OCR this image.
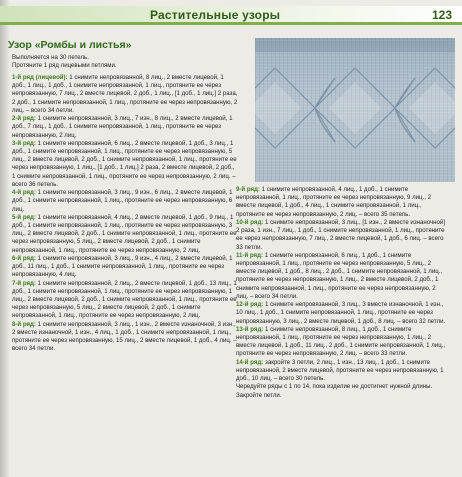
Растительные узоры	123
Узор «Ромбы и листья»
Выполняется на 30 петель.
Протяните 1 ряд лицевыми петлями.

1-й ряд (лицевой): 1 снимите непровязанной, 8 лиц., 2 вместе лицевой, 1 доб., 1 лиц., 1 доб., 1 снимите непровязанной, 1 лиц., протяните ее через непровязанную, 7 лиц., 2 вместе лицевой, 2 доб., 1 лиц., [1 доб., 1 лиц.] 2 раза, 2 доб., 1 снимите непровязанной, 1 лиц., протяните ее через непровязанную, 2 лиц. – всего 34 петли.

2-й ряд: 1 снимите непровязанной, 3 лиц., 7 изн., 8 лиц., 2 вместе лицевой, 1 доб., 7 лиц., 1 доб., 1 снимите непровязанной, 1 лиц., протяните ее через непровязанную, 2 лиц.

3-й ряд: 1 снимите непровязанной, 6 лиц., 2 вместе лицевой, 1 доб., 3 лиц., 1 доб., 1 снимите непровязанной, 1 лиц., протяните ее через непровязанную, 5 лиц., 2 вместе лицевой, 2 доб., 1 снимите непровязанной, 1 лиц., протяните ее через непровязанную, 1 лиц., [1 доб., 1 лиц.] 2 раза, 2 вместе лицевой, 2 доб., 1 снимите непровязанной, 1 лиц., протяните ее через непровязанную, 2 лиц. – всего 36 петель.

4-й ряд: 1 снимите непровязанной, 3 лиц., 9 изн., 6 лиц., 2 вместе лицевой, 1 доб., 1 снимите непровязанной, 1 лиц., протяните ее через непровязанную, 6 лиц.

5-й ряд: 1 снимите непровязанной, 4 лиц., 2 вместе лицевой, 1 доб., 9 лиц., 1 доб., 1 снимите непровязанной, 1 лиц., протяните ее через непровязанную, 3 лиц., 2 вместе лицевой, 2 доб., 1 снимите непровязанной, 1 лиц., протяните ее через непровязанную, 5 лиц., 2 вместе лицевой, 2 доб., 1 снимите непровязанной, 1 лиц., протяните ее через непровязанную, 2 лиц.

6-й ряд: 1 снимите непровязанной, 3 лиц., 9 изн., 4 лиц., 2 вместе лицевой, 1 доб., 11 лиц., 1 доб., 1 снимите непровязанной, 1 лиц., протяните ее через непровязанную, 4 лиц.

7-й ряд: 1 снимите непровязанной, 2 лиц., 2 вместе лицевой, 1 доб., 13 лиц., 1 доб., 1 снимите непровязанной, 1 лиц., протяните ее через непровязанную, 1 лиц., 2 вместе лицевой, 2 доб., 1 снимите непровязанной, 1 лиц., протяните ее через непровязанную, 5 лиц., 2 вместе лицевой, 2 доб., 1 снимите непровязанной, 1 лиц., протяните ее через непровязанную, 2 лиц.

8-й ряд: 1 снимите непровязанной, 3 лиц., 1 изн., 2 вместе изнаночной, 3 изн., 2 вместе изнаночной, 1 изн., 4 лиц., 1 доб., 1 снимите непровязанной, 1 лиц., протяните ее через непровязанную, 15 лиц., 2 вместе лицевой, 1 доб., 4 лиц. – всего 34 петли.

9-й ряд: 1 снимите непровязанной, 4 лиц., 1 доб., 1 снимите непровязанной, 1 лиц., протяните ее через непровязанную, 9 лиц., 2 вместе лицевой, 1 доб., 4 лиц., 1 снимите непровязанной, 1 лиц., протяните ее через непровязанную, 2 лиц. – всего 35 петель.

10-й ряд: 1 снимите непровязанной, 3 лиц., [1 изн., 2 вместе изнаночной] 2 раза, 1 изн., 7 лиц., 1 доб., 1 снимите непровязанной, 1 лиц., протяните ее через непровязанную, 7 лиц., 2 вместе лицевой, 1 доб., 6 лиц. – всего 33 петли.

11-й ряд: 1 снимите непровязанной, 6 лиц., 1 доб., 1 снимите непровязанной, 1 лиц., протяните ее через непровязанную, 5 лиц., 2 вместе лицевой, 1 доб., 8 лиц., 2 доб., 1 снимите непровязанной, 1 лиц., протяните ее через непровязанную, 1 лиц., 2 вместе лицевой, 2 доб., 1 снимите непровязанной, 1 лиц., протяните ее через непровязанную, 2 лиц. – всего 34 петли.

12-й ряд: 1 снимите непровязанной, 3 лиц., 3 вместе изнаночной, 1 изн., 10 лиц., 1 доб., 1 снимите непровязанной, 1 лиц., протяните ее через непровязанную, 3 лиц., 2 вместе лицевой, 1 доб., 8 лиц. – всего 32 петли.

13-й ряд: 1 снимите непровязанной, 8 лиц., 1 доб., 1 снимите непровязанной, 1 лиц., протяните ее через непровязанную, 1 лиц., 2 вместе лицевой, 1 доб., 11 лиц., 2 доб., 1 снимите непровязанной, 1 лиц., протяните ее через непровязанную, 2 лиц. – всего 33 петли.

14-й ряд: закройте 3 петли, 2 лиц., 1 изн., 13 лиц., 1 доб., 1 снимите непровязанной, 2 вместе лицевой, протяните ее через непровязанную, 1 доб., 10 лиц. – всего 30 петель.

Чередуйте ряды с 1 по 14, пока изделие не достигнет нужной длины.

Закройте петли.
